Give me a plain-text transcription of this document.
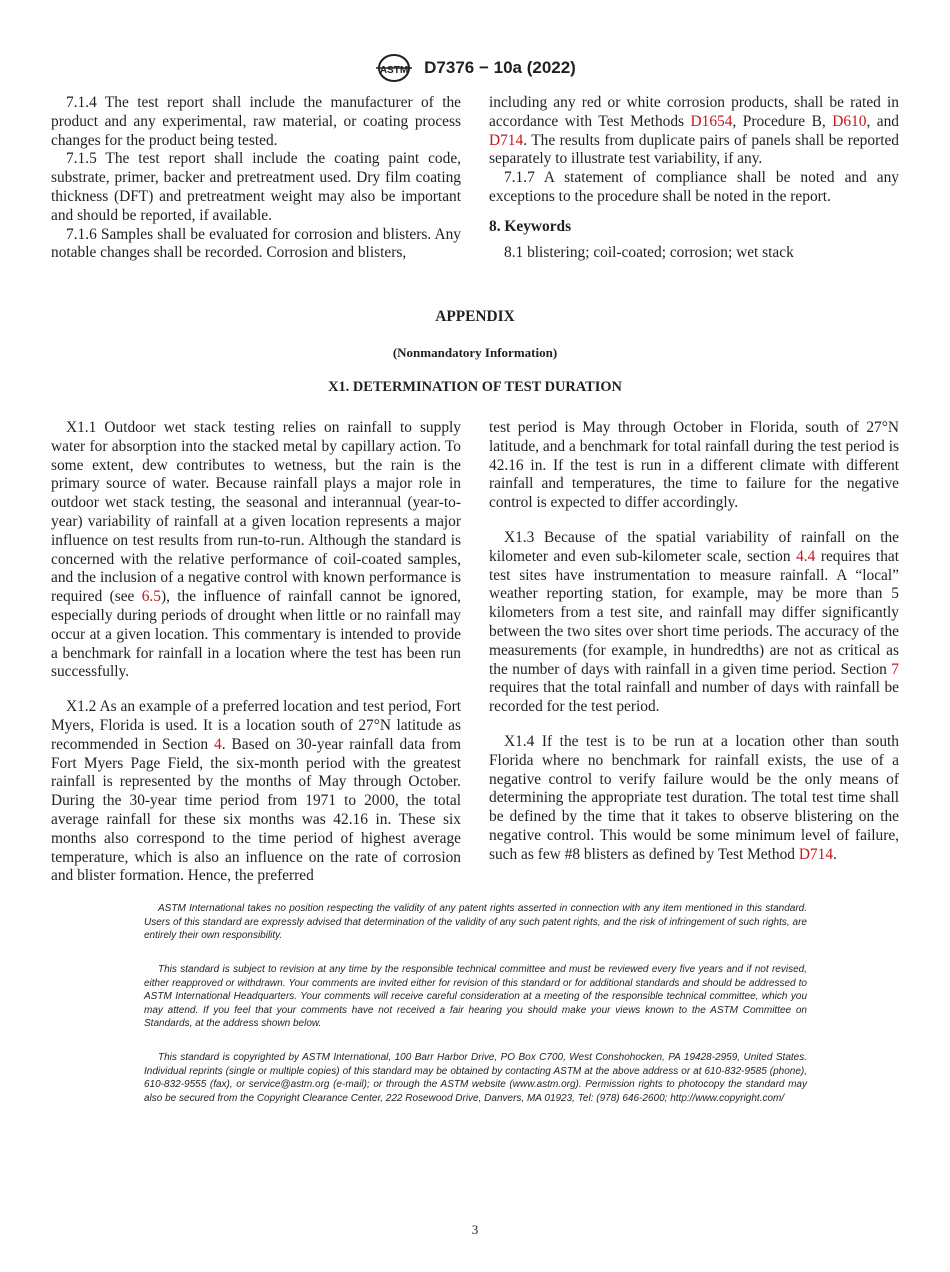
ASTM D7376 − 10a (2022)

7.1.4 The test report shall include the manufacturer of the product and any experimental, raw material, or coating process changes for the product being tested.

7.1.5 The test report shall include the coating paint code, substrate, primer, backer and pretreatment used. Dry film coating thickness (DFT) and pretreatment weight may also be important and should be reported, if available.

7.1.6 Samples shall be evaluated for corrosion and blisters. Any notable changes shall be recorded. Corrosion and blisters,

including any red or white corrosion products, shall be rated in accordance with Test Methods D1654, Procedure B, D610, and D714. The results from duplicate pairs of panels shall be reported separately to illustrate test variability, if any.

7.1.7 A statement of compliance shall be noted and any exceptions to the procedure shall be noted in the report.

8. Keywords

8.1 blistering; coil-coated; corrosion; wet stack

APPENDIX
(Nonmandatory Information)
X1. DETERMINATION OF TEST DURATION

X1.1 Outdoor wet stack testing relies on rainfall to supply water for absorption into the stacked metal by capillary action. To some extent, dew contributes to wetness, but the rain is the primary source of water. Because rainfall plays a major role in outdoor wet stack testing, the seasonal and interannual (year-to-year) variability of rainfall at a given location represents a major influence on test results from run-to-run. Although the standard is concerned with the relative performance of coil-coated samples, and the inclusion of a negative control with known performance is required (see 6.5), the influence of rainfall cannot be ignored, especially during periods of drought when little or no rainfall may occur at a given location. This commentary is intended to provide a benchmark for rainfall in a location where the test has been run successfully.

X1.2 As an example of a preferred location and test period, Fort Myers, Florida is used. It is a location south of 27°N latitude as recommended in Section 4. Based on 30-year rainfall data from Fort Myers Page Field, the six-month period with the greatest rainfall is represented by the months of May through October. During the 30-year time period from 1971 to 2000, the total average rainfall for these six months was 42.16 in. These six months also correspond to the time period of highest average temperature, which is also an influence on the rate of corrosion and blister formation. Hence, the preferred

test period is May through October in Florida, south of 27°N latitude, and a benchmark for total rainfall during the test period is 42.16 in. If the test is run in a different climate with different rainfall and temperatures, the time to failure for the negative control is expected to differ accordingly.

X1.3 Because of the spatial variability of rainfall on the kilometer and even sub-kilometer scale, section 4.4 requires that test sites have instrumentation to measure rainfall. A “local” weather reporting station, for example, may be more than 5 kilometers from a test site, and rainfall may differ significantly between the two sites over short time periods. The accuracy of the measurements (for example, in hundredths) are not as critical as the number of days with rainfall in a given time period. Section 7 requires that the total rainfall and number of days with rainfall be recorded for the test period.

X1.4 If the test is to be run at a location other than south Florida where no benchmark for rainfall exists, the use of a negative control to verify failure would be the only means of determining the appropriate test duration. The total test time shall be defined by the time that it takes to observe blistering on the negative control. This would be some minimum level of failure, such as few #8 blisters as defined by Test Method D714.

ASTM International takes no position respecting the validity of any patent rights asserted in connection with any item mentioned in this standard. Users of this standard are expressly advised that determination of the validity of any such patent rights, and the risk of infringement of such rights, are entirely their own responsibility.

This standard is subject to revision at any time by the responsible technical committee and must be reviewed every five years and if not revised, either reapproved or withdrawn. Your comments are invited either for revision of this standard or for additional standards and should be addressed to ASTM International Headquarters. Your comments will receive careful consideration at a meeting of the responsible technical committee, which you may attend. If you feel that your comments have not received a fair hearing you should make your views known to the ASTM Committee on Standards, at the address shown below.

This standard is copyrighted by ASTM International, 100 Barr Harbor Drive, PO Box C700, West Conshohocken, PA 19428-2959, United States. Individual reprints (single or multiple copies) of this standard may be obtained by contacting ASTM at the above address or at 610-832-9585 (phone), 610-832-9555 (fax), or service@astm.org (e-mail); or through the ASTM website (www.astm.org). Permission rights to photocopy the standard may also be secured from the Copyright Clearance Center, 222 Rosewood Drive, Danvers, MA 01923, Tel: (978) 646-2600; http://www.copyright.com/

3
